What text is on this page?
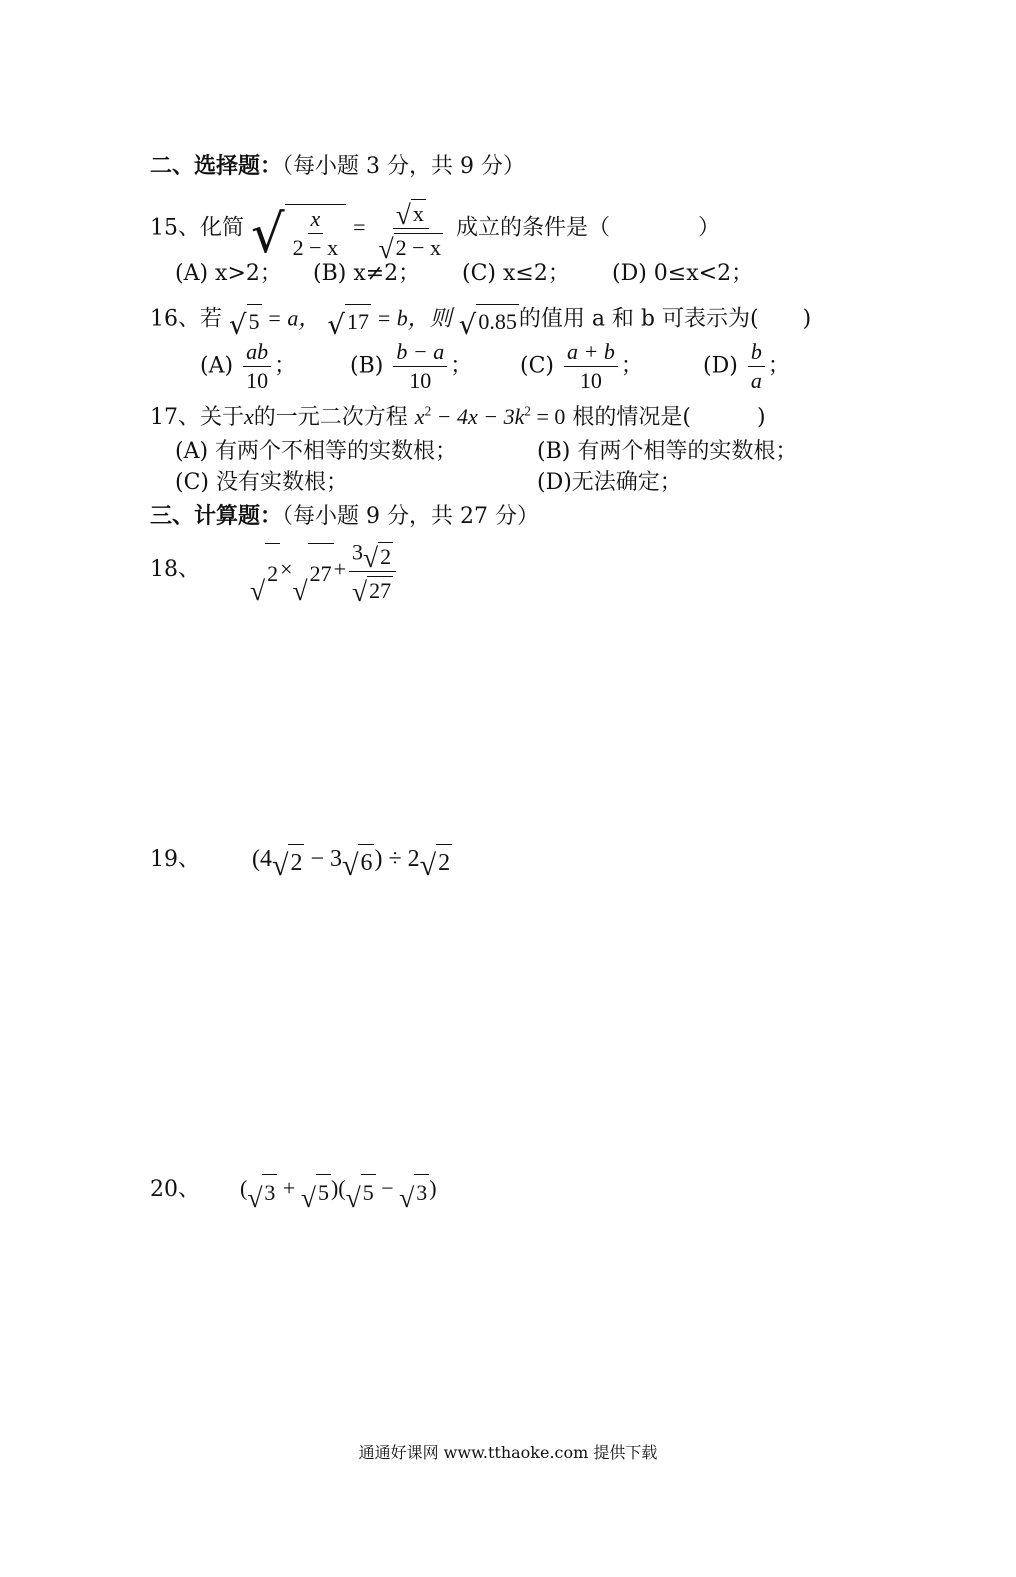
二、选择题：（每小题 3 分，共 9 分）
15、化简 √ $\frac{x}{2 - x} = \frac{√ x}{√ 2 - x}$ 成立的条件是（　　　　）
(A) x>2； (B) x≠2； (C) x≤2； (D) 0≤x<2；
16、若 √ 5 = a， √ 17 = b，则 √ 0.85 的值用 a 和 b 可表示为(　　)
$(A) \frac{ab}{10}$ ； $(B) \frac{b - a}{10}$ ； $(C) \frac{a + b}{10}$ ；	$(D) \frac{b}{a}$ ；
17、关于x的一元二次方程 $x^2 - 4x - 3k^2 = 0$ 根的情况是(　　　)
(A) 有两个不相等的实数根；	(B) 有两个相等的实数根；
(C) 没有实数根；	(D)无法确定；
三、计算题：（每小题 9 分，共 27 分）
18、
√
2 ×
√
$27 + \frac{3 √ 2}{√ 27}$
19、 (4 √ 2 − 3 √ 6 ) ÷ 2 √ 2
20、 ( √ 3 + √ 5 )( √ 5 − √ 3 )
通通好课网 www.tthaoke.com 提供下载
